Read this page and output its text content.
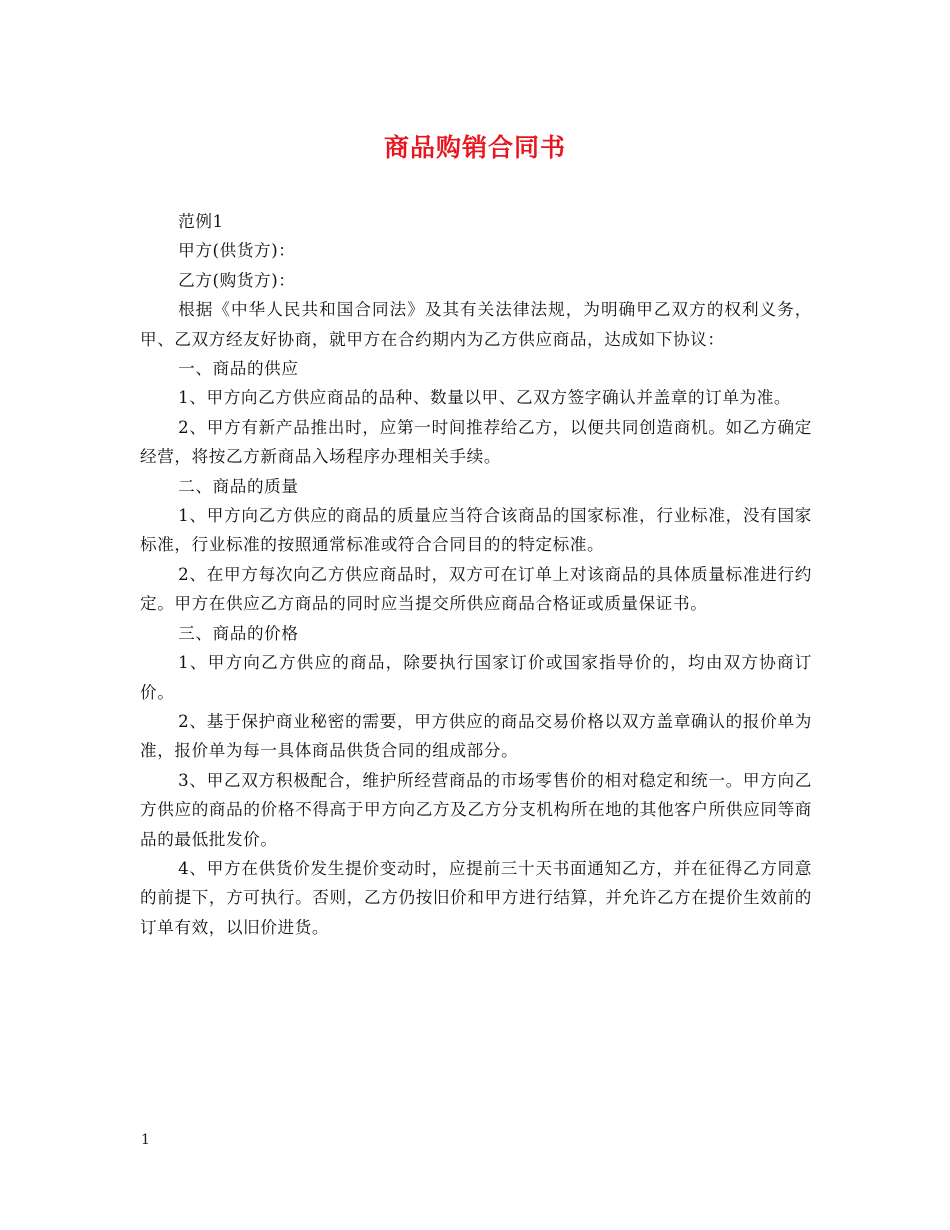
商品购销合同书

范例1

甲方(供货方)：

乙方(购货方)：

根据《中华人民共和国合同法》及其有关法律法规，为明确甲乙双方的权利义务，甲、乙双方经友好协商，就甲方在合约期内为乙方供应商品，达成如下协议：

一、商品的供应

1、甲方向乙方供应商品的品种、数量以甲、乙双方签字确认并盖章的订单为准。

2、甲方有新产品推出时，应第一时间推荐给乙方，以便共同创造商机。如乙方确定经营，将按乙方新商品入场程序办理相关手续。

二、商品的质量

1、甲方向乙方供应的商品的质量应当符合该商品的国家标准，行业标准，没有国家标准，行业标准的按照通常标准或符合合同目的的特定标准。

2、在甲方每次向乙方供应商品时，双方可在订单上对该商品的具体质量标准进行约定。甲方在供应乙方商品的同时应当提交所供应商品合格证或质量保证书。

三、商品的价格

1、甲方向乙方供应的商品，除要执行国家订价或国家指导价的，均由双方协商订价。

2、基于保护商业秘密的需要，甲方供应的商品交易价格以双方盖章确认的报价单为准，报价单为每一具体商品供货合同的组成部分。

3、甲乙双方积极配合，维护所经营商品的市场零售价的相对稳定和统一。甲方向乙方供应的商品的价格不得高于甲方向乙方及乙方分支机构所在地的其他客户所供应同等商品的最低批发价。

4、甲方在供货价发生提价变动时，应提前三十天书面通知乙方，并在征得乙方同意的前提下，方可执行。否则，乙方仍按旧价和甲方进行结算，并允许乙方在提价生效前的订单有效，以旧价进货。

1
